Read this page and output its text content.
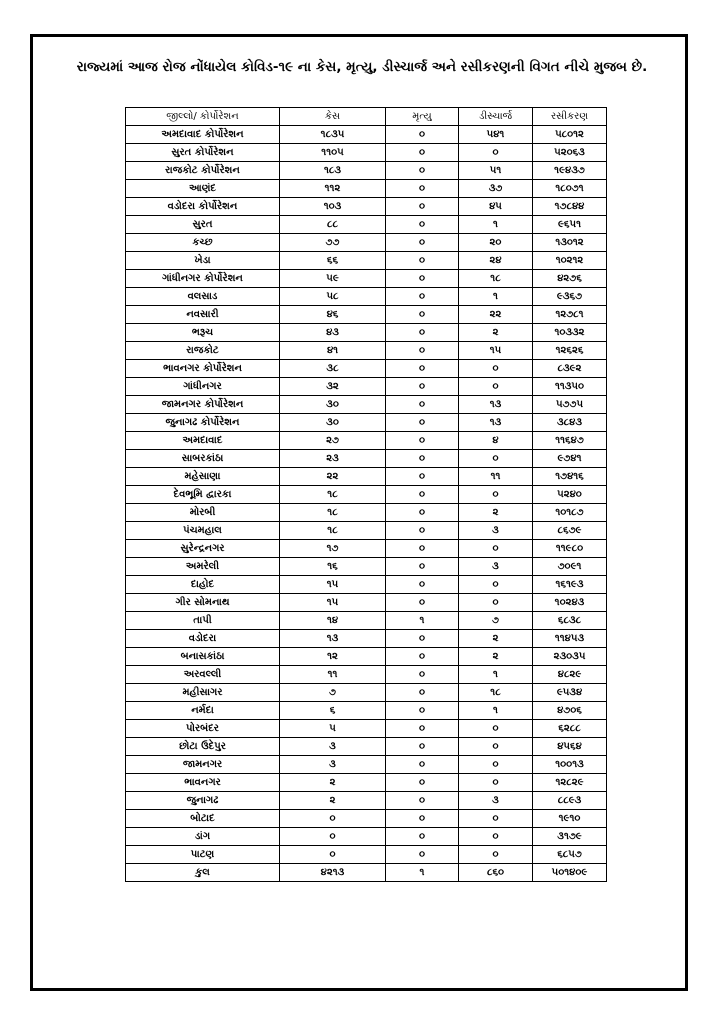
રાજ્યમાં આજ રોજ નોંધાયેલ કોવિડ-૧૯ ના કેસ, મૃત્યુ, ડીસ્ચાર્જ અને રસીકરણની વિગત નીચે મુજબ છે.
જીલ્લો/ કોર્પોરેશન	કેસ	મૃત્યુ	ડીસ્ચાર્જ	રસીકરણ
અમદાવાદ કોર્પોરેશન	૧૮૩૫	૦	૫૪૧	૫૮૦૧૨
સુરત કોર્પોરેશન	૧૧૦૫	૦	૦	૫૨૦૬૩
રાજકોટ કોર્પોરેશન	૧૮૩	૦	૫૧	૧૯૪૩૭
આણંદ	૧૧૨	૦	૩૭	૧૮૦૭૧
વડોદરા કોર્પોરેશન	૧૦૩	૦	૪૫	૧૭૮૪૪
સુરત	૮૮	૦	૧	૯૬૫૧
કચ્છ	૭૭	૦	૨૦	૧૩૦૧૨
ખેડા	૬૬	૦	૨૪	૧૦૨૧૨
ગાંધીનગર કોર્પોરેશન	૫૯	૦	૧૮	૪૨૭૬
વલસાડ	૫૮	૦	૧	૯૩૬૭
નવસારી	૪૬	૦	૨૨	૧૨૭૮૧
ભરૂચ	૪૩	૦	૨	૧૦૩૩૨
રાજકોટ	૪૧	૦	૧૫	૧૨૬૨૬
ભાવનગર કોર્પોરેશન	૩૮	૦	૦	૮૩૯૨
ગાંધીનગર	૩૨	૦	૦	૧૧૩૫૦
જામનગર કોર્પોરેશન	૩૦	૦	૧૩	૫૭૭૫
જુનાગઢ કોર્પોરેશન	૩૦	૦	૧૩	૩૮૪૩
અમદાવાદ	૨૭	૦	૪	૧૧૬૪૭
સાબરકાંઠા	૨૩	૦	૦	૯૭૪૧
મહેસાણા	૨૨	૦	૧૧	૧૭૪૧૬
દેવભૂમિ દ્વારકા	૧૮	૦	૦	૫૨૪૦
મોરબી	૧૮	૦	૨	૧૦૧૮૭
પંચમહાલ	૧૮	૦	૩	૮૬૭૯
સુરેન્દ્રનગર	૧૭	૦	૦	૧૧૯૮૦
અમરેલી	૧૬	૦	૩	૭૦૯૧
દાહોદ	૧૫	૦	૦	૧૬૧૯૩
ગીર સોમનાથ	૧૫	૦	૦	૧૦૨૪૩
તાપી	૧૪	૧	૭	૬૮૩૮
વડોદરા	૧૩	૦	૨	૧૧૪૫૩
બનાસકાંઠા	૧૨	૦	૨	૨૩૦૩૫
અરવલ્લી	૧૧	૦	૧	૪૮૨૯
મહીસાગર	૭	૦	૧૮	૯૫૩૪
નર્મદા	૬	૦	૧	૪૭૦૬
પોરબંદર	૫	૦	૦	૬૨૮૮
છોટા ઉદેપુર	૩	૦	૦	૪૫૬૪
જામનગર	૩	૦	૦	૧૦૦૧૩
ભાવનગર	૨	૦	૦	૧૨૮૨૯
જુનાગઢ	૨	૦	૩	૮૮૯૩
બોટાદ	૦	૦	૦	૧૯૧૦
ડાંગ	૦	૦	૦	૩૧૭૯
પાટણ	૦	૦	૦	૬૮૫૭
કુલ	૪૨૧૩	૧	૮૬૦	૫૦૧૪૦૯
